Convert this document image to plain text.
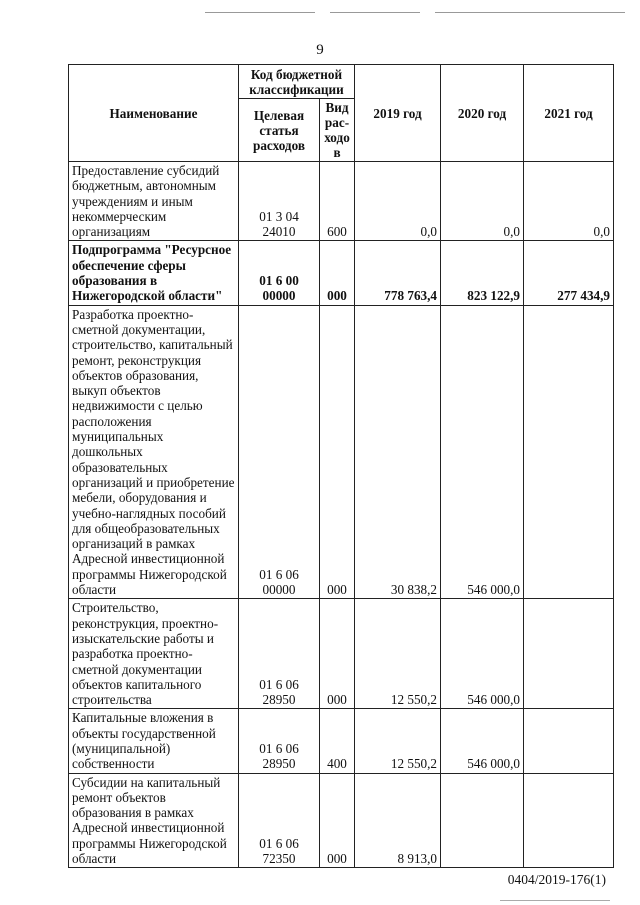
9
Наименование	Код бюджетной классификации		2019 год	2020 год	2021 год
	Целевая статья расходов	Вид рас-ходов			
Предоставление субсидий бюджетным, автономным учреждениям и иным некоммерческим организациям	01 3 04 24010	600	0,0	0,0	0,0
Подпрограмма "Ресурсное обеспечение сферы образования в Нижегородской области"	01 6 00 00000	000	778 763,4	823 122,9	277 434,9
Разработка проектно-сметной документации, строительство, капитальный ремонт, реконструкция объектов образования, выкуп объектов недвижимости с целью расположения муниципальных дошкольных образовательных организаций и приобретение мебели, оборудования и учебно-наглядных пособий для общеобразовательных организаций в рамках Адресной инвестиционной программы Нижегородской области	01 6 06 00000	000	30 838,2	546 000,0	
Строительство, реконструкция, проектно-изыскательские работы и разработка проектно-сметной документации объектов капитального строительства	01 6 06 28950	000	12 550,2	546 000,0	
Капитальные вложения в объекты государственной (муниципальной) собственности	01 6 06 28950	400	12 550,2	546 000,0	
Субсидии на капитальный ремонт объектов образования в рамках Адресной инвестиционной программы Нижегородской области	01 6 06 72350	000	8 913,0		
0404/2019-176(1)
